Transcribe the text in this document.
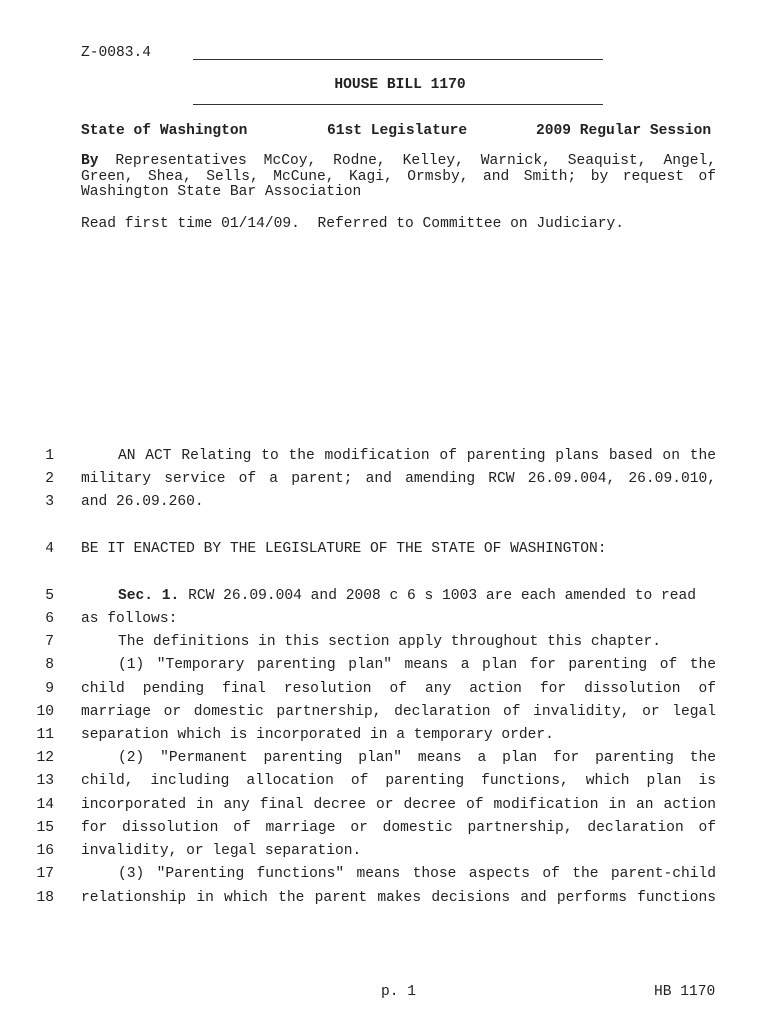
Z-0083.4
HOUSE BILL 1170
State of Washington	61st Legislature	2009 Regular Session
By Representatives McCoy, Rodne, Kelley, Warnick, Seaquist, Angel, Green, Shea, Sells, McCune, Kagi, Ormsby, and Smith; by request of Washington State Bar Association
Read first time 01/14/09.  Referred to Committee on Judiciary.
1	AN ACT Relating to the modification of parenting plans based on the
2 military service of a parent; and amending RCW 26.09.004, 26.09.010,
3 and 26.09.260.
4 BE IT ENACTED BY THE LEGISLATURE OF THE STATE OF WASHINGTON:
5	Sec. 1. RCW 26.09.004 and 2008 c 6 s 1003 are each amended to read
6 as follows:
7	The definitions in this section apply throughout this chapter.
8	(1) "Temporary parenting plan" means a plan for parenting of the
9 child pending final resolution of any action for dissolution of
10 marriage or domestic partnership, declaration of invalidity, or legal
11 separation which is incorporated in a temporary order.
12	(2) "Permanent parenting plan" means a plan for parenting the
13 child, including allocation of parenting functions, which plan is
14 incorporated in any final decree or decree of modification in an action
15 for dissolution of marriage or domestic partnership, declaration of
16 invalidity, or legal separation.
17	(3) "Parenting functions" means those aspects of the parent-child
18 relationship in which the parent makes decisions and performs functions
p. 1	HB 1170
